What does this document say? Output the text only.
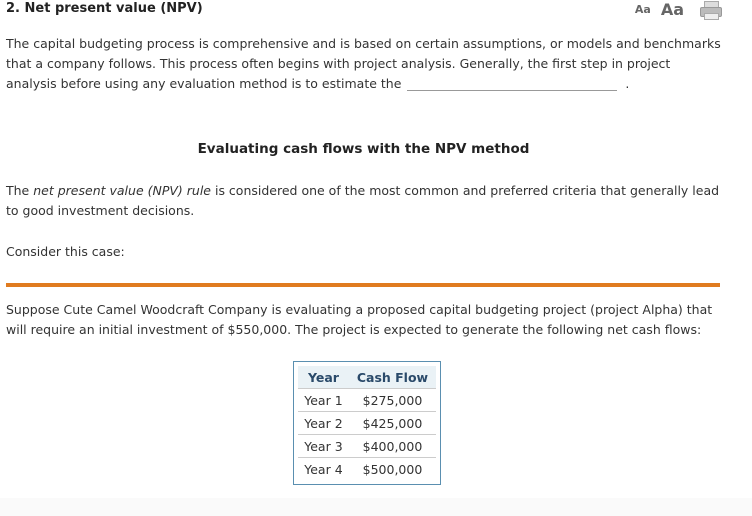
2. Net present value (NPV)	Aa Aa
The capital budgeting process is comprehensive and is based on certain assumptions, or models and benchmarks that a company follows. This process often begins with project analysis. Generally, the first step in project analysis before using any evaluation method is to estimate the	.
Evaluating cash flows with the NPV method
The net present value (NPV) rule is considered one of the most common and preferred criteria that generally lead to good investment decisions.
Consider this case:
Suppose Cute Camel Woodcraft Company is evaluating a proposed capital budgeting project (project Alpha) that will require an initial investment of $550,000. The project is expected to generate the following net cash flows:
Year	Cash Flow
Year 1	$275,000
Year 2	$425,000
Year 3	$400,000
Year 4	$500,000
